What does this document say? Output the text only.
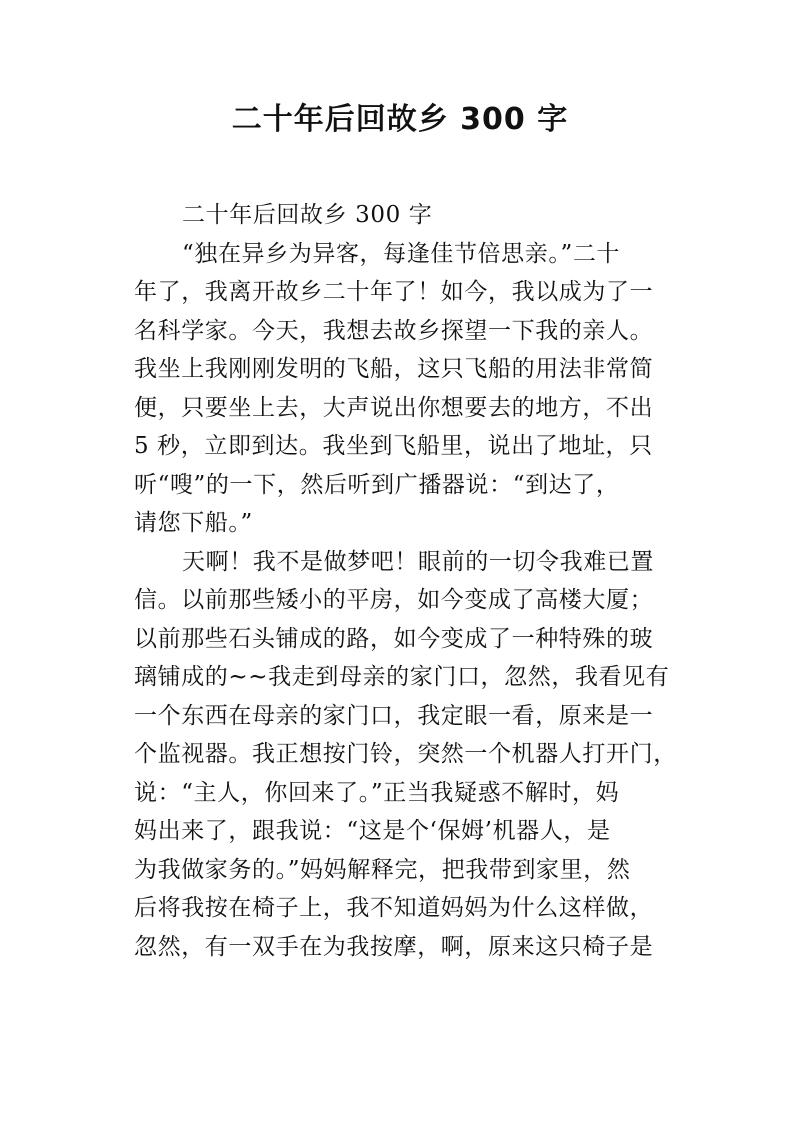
二十年后回故乡 300 字
二十年后回故乡 300 字
“独在异乡为异客，每逢佳节倍思亲。”二十
年了，我离开故乡二十年了！如今，我以成为了一
名科学家。今天，我想去故乡探望一下我的亲人。
我坐上我刚刚发明的飞船，这只飞船的用法非常简
便，只要坐上去，大声说出你想要去的地方，不出
5 秒，立即到达。我坐到飞船里，说出了地址，只
听“嗖”的一下，然后听到广播器说：“到达了，
请您下船。”
天啊！我不是做梦吧！眼前的一切令我难已置
信。以前那些矮小的平房，如今变成了高楼大厦；
以前那些石头铺成的路，如今变成了一种特殊的玻
璃铺成的~~我走到母亲的家门口，忽然，我看见有
一个东西在母亲的家门口，我定眼一看，原来是一
个监视器。我正想按门铃，突然一个机器人打开门，
说：“主人，你回来了。”正当我疑惑不解时，妈
妈出来了，跟我说：“这是个‘保姆’机器人，是
为我做家务的。”妈妈解释完，把我带到家里，然
后将我按在椅子上，我不知道妈妈为什么这样做，
忽然，有一双手在为我按摩，啊，原来这只椅子是
